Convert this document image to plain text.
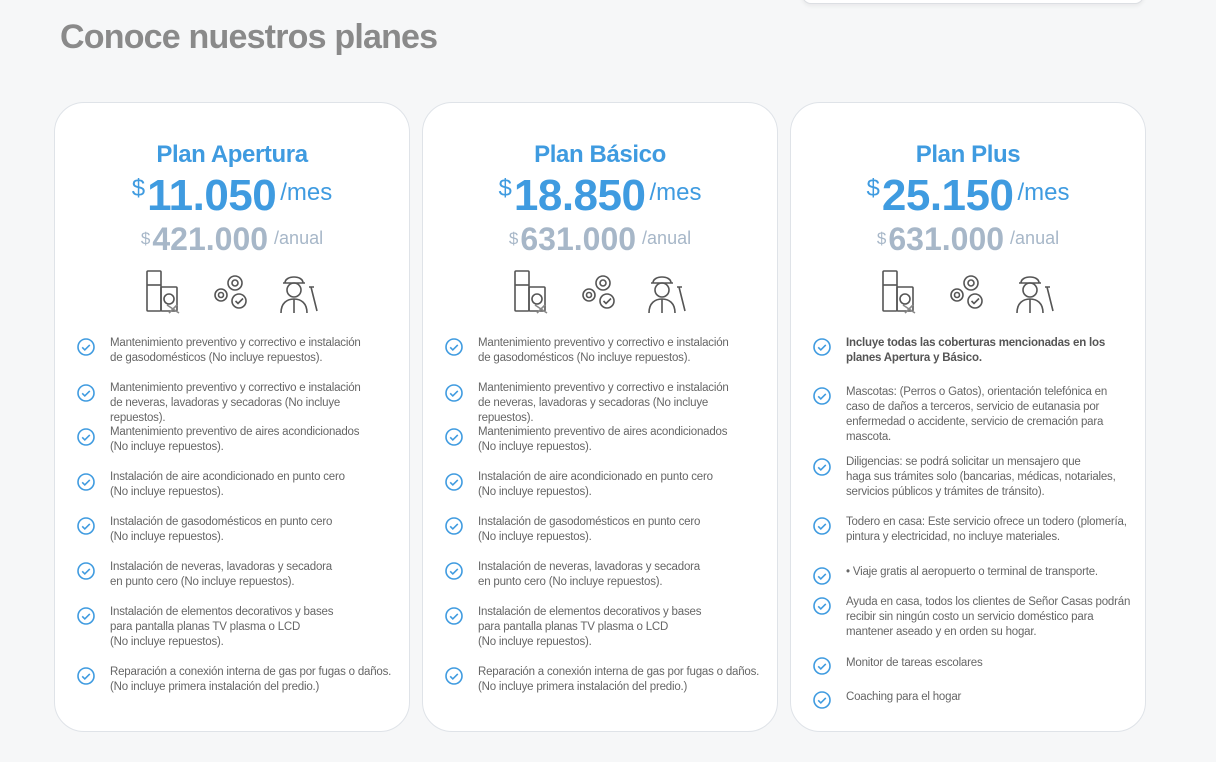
Conoce nuestros planes
Plan Apertura
$11.050 /mes
$421.000 /anual
Mantenimiento preventivo y correctivo e instalación
de gasodomésticos (No incluye repuestos).
Mantenimiento preventivo y correctivo e instalación
de neveras, lavadoras y secadoras (No incluye repuestos).
Mantenimiento preventivo de aires acondicionados
(No incluye repuestos).
Instalación de aire acondicionado en punto cero
(No incluye repuestos).
Instalación de gasodomésticos en punto cero
(No incluye repuestos).
Instalación de neveras, lavadoras y secadora
en punto cero (No incluye repuestos).
Instalación de elementos decorativos y bases
para pantalla planas TV plasma o LCD
(No incluye repuestos).
Reparación a conexión interna de gas por fugas o daños.
(No incluye primera instalación del predio.)
Plan Básico
$18.850 /mes
$631.000 /anual
Mantenimiento preventivo y correctivo e instalación
de gasodomésticos (No incluye repuestos).
Mantenimiento preventivo y correctivo e instalación
de neveras, lavadoras y secadoras (No incluye repuestos).
Mantenimiento preventivo de aires acondicionados
(No incluye repuestos).
Instalación de aire acondicionado en punto cero
(No incluye repuestos).
Instalación de gasodomésticos en punto cero
(No incluye repuestos).
Instalación de neveras, lavadoras y secadora
en punto cero (No incluye repuestos).
Instalación de elementos decorativos y bases
para pantalla planas TV plasma o LCD
(No incluye repuestos).
Reparación a conexión interna de gas por fugas o daños.
(No incluye primera instalación del predio.)
Plan Plus
$25.150 /mes
$631.000 /anual
Incluye todas las coberturas mencionadas en los
planes Apertura y Básico.
Mascotas: (Perros o Gatos), orientación telefónica en
caso de daños a terceros, servicio de eutanasia por
enfermedad o accidente, servicio de cremación para
mascota.
Diligencias: se podrá solicitar un mensajero que
haga sus trámites solo (bancarias, médicas, notariales,
servicios públicos y trámites de tránsito).
Todero en casa: Este servicio ofrece un todero (plomería,
pintura y electricidad, no incluye materiales.
• Viaje gratis al aeropuerto o terminal de transporte.
Ayuda en casa, todos los clientes de Señor Casas podrán
recibir sin ningún costo un servicio doméstico para
mantener aseado y en orden su hogar.
Monitor de tareas escolares
Coaching para el hogar
